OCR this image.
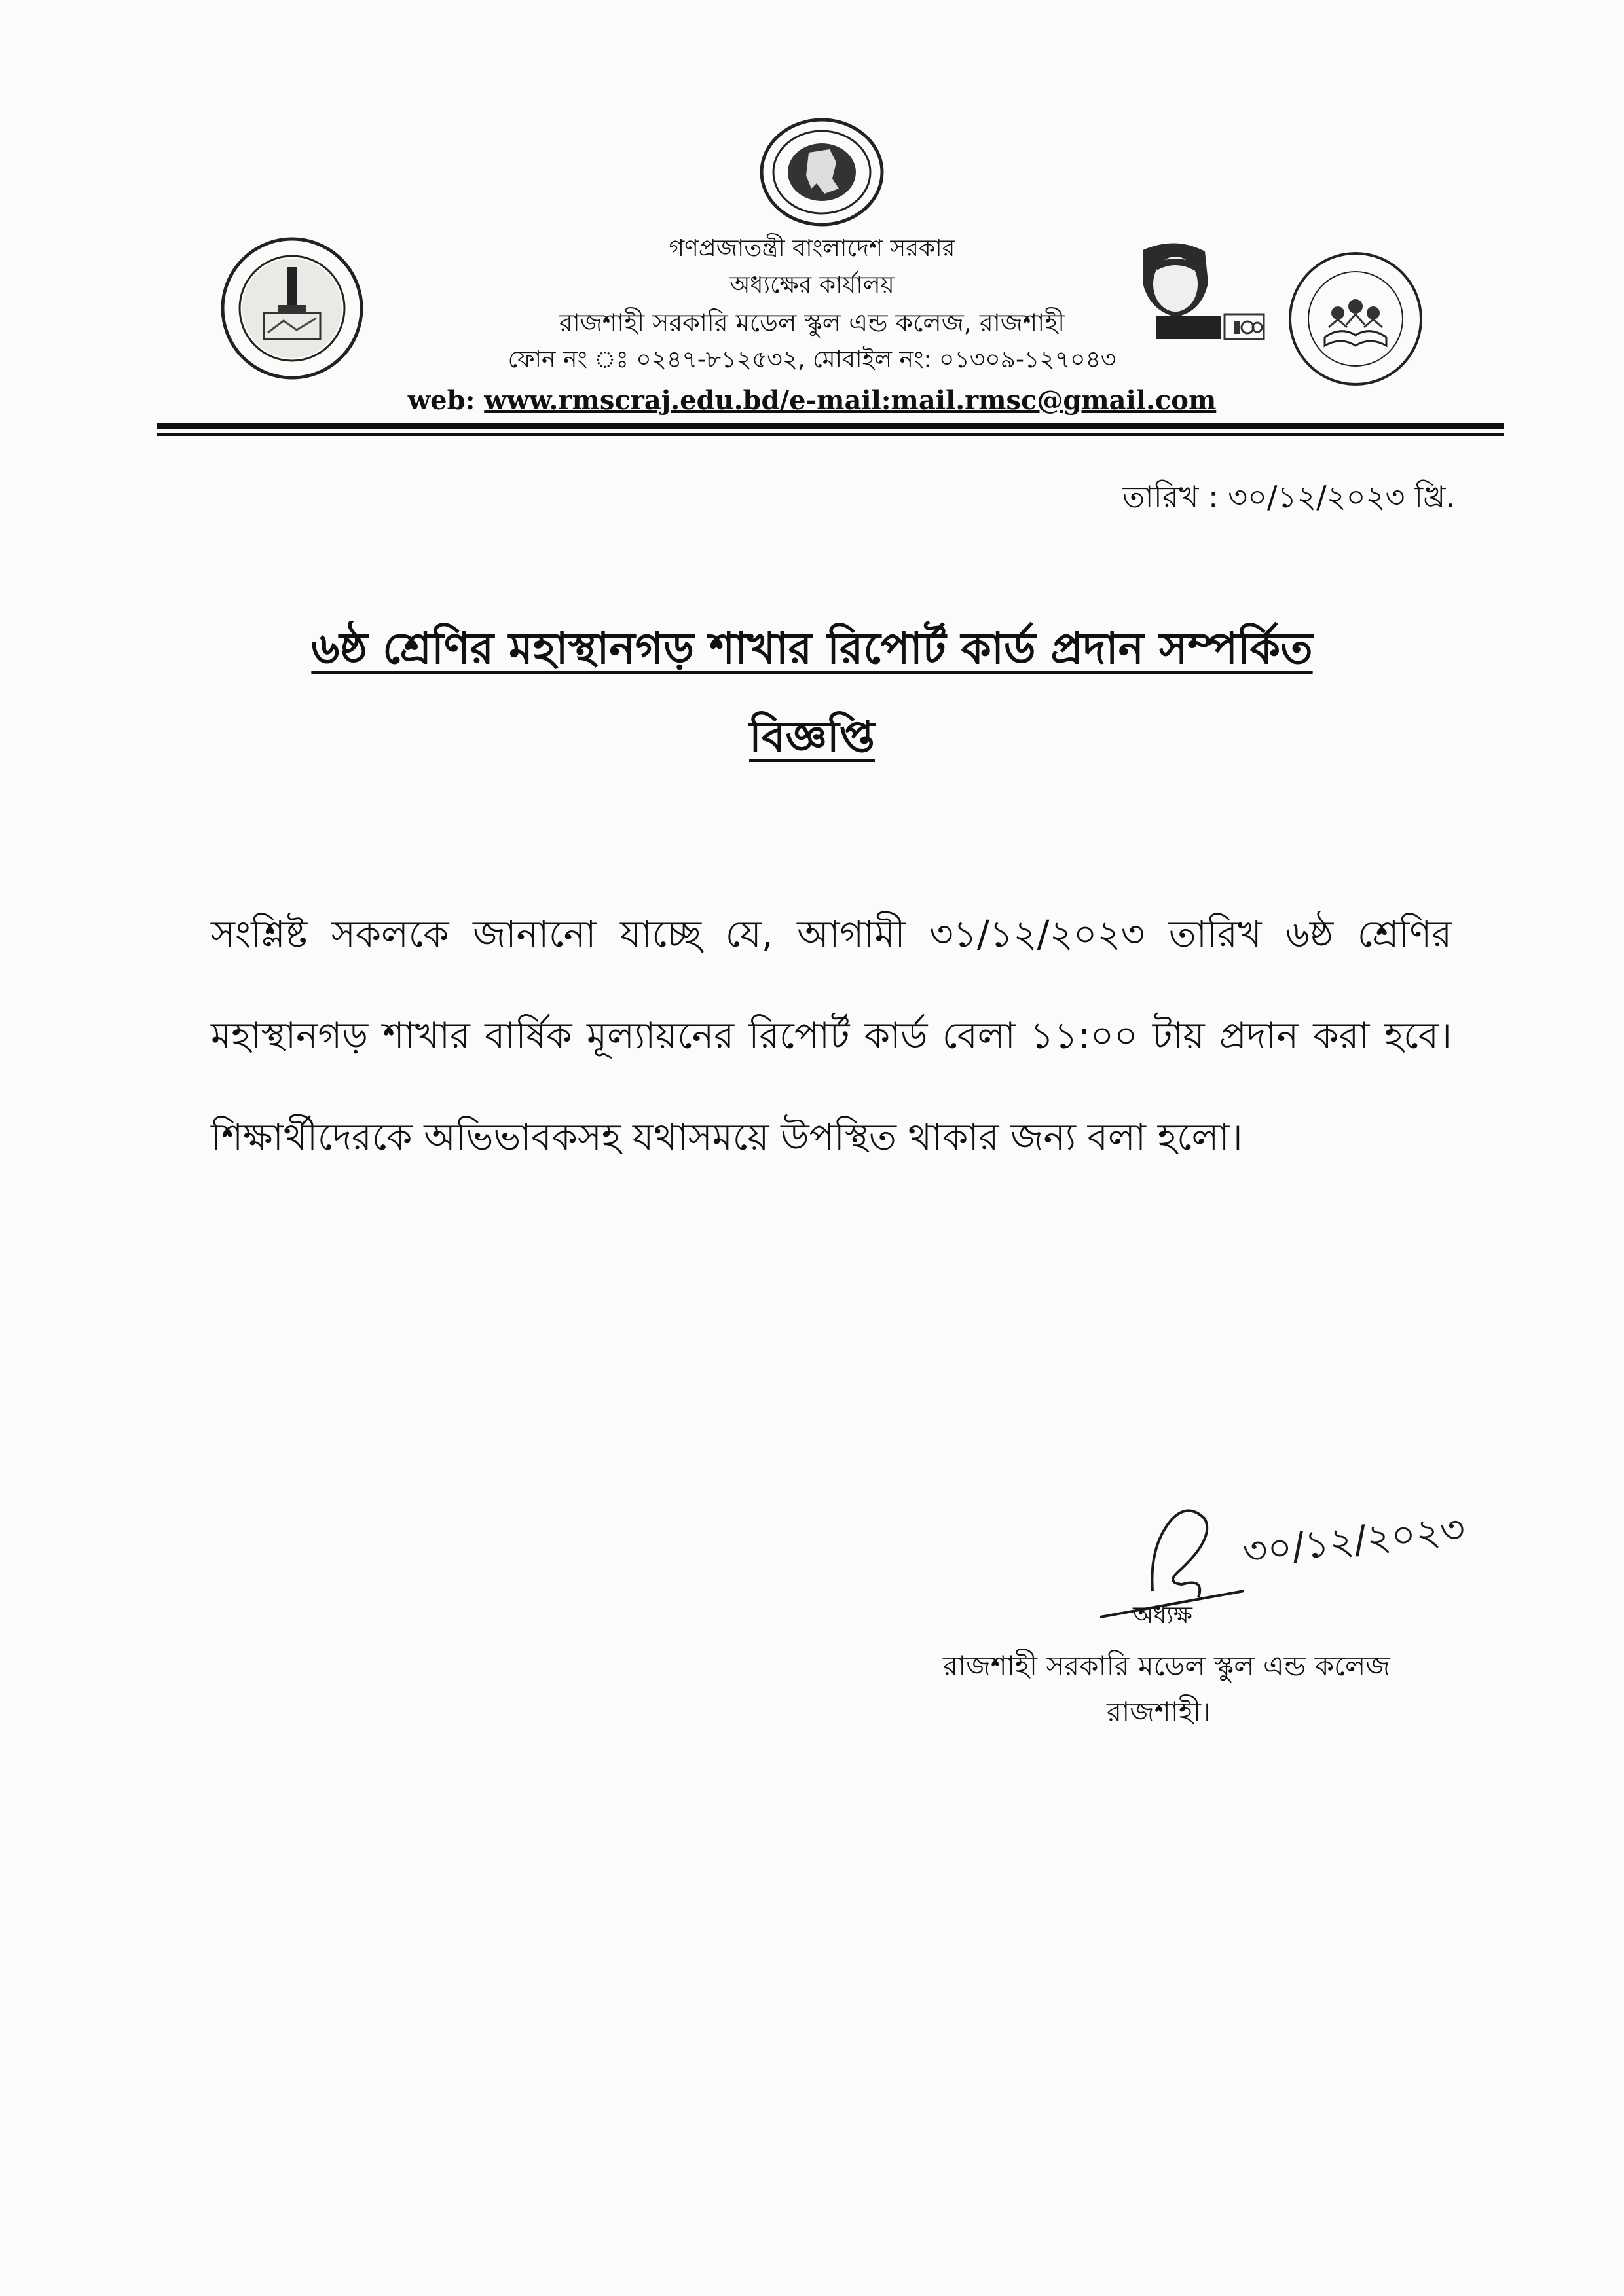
গণপ্রজাতন্ত্রী বাংলাদেশ সরকার
অধ্যক্ষের কার্যালয়
রাজশাহী সরকারি মডেল স্কুল এন্ড কলেজ, রাজশাহী
ফোন নং ঃ ০২৪৭-৮১২৫৩২, মোবাইল নং: ০১৩০৯-১২৭০৪৩
web: www.rmscraj.edu.bd/e-mail:mail.rmsc@gmail.com
তারিখ : ৩০/১২/২০২৩ খ্রি.
৬ষ্ঠ শ্রেণির মহাস্থানগড় শাখার রিপোর্ট কার্ড প্রদান সম্পর্কিত
বিজ্ঞপ্তি
সংশ্লিষ্ট সকলকে জানানো যাচ্ছে যে, আগামী ৩১/১২/২০২৩ তারিখ ৬ষ্ঠ শ্রেণির মহাস্থানগড় শাখার বার্ষিক মূল্যায়নের রিপোর্ট কার্ড বেলা ১১:০০ টায় প্রদান করা হবে। শিক্ষার্থীদেরকে অভিভাবকসহ যথাসময়ে উপস্থিত থাকার জন্য বলা হলো।
৩০/১২/২০২৩
অধ্যক্ষ
রাজশাহী সরকারি মডেল স্কুল এন্ড কলেজ
রাজশাহী।
